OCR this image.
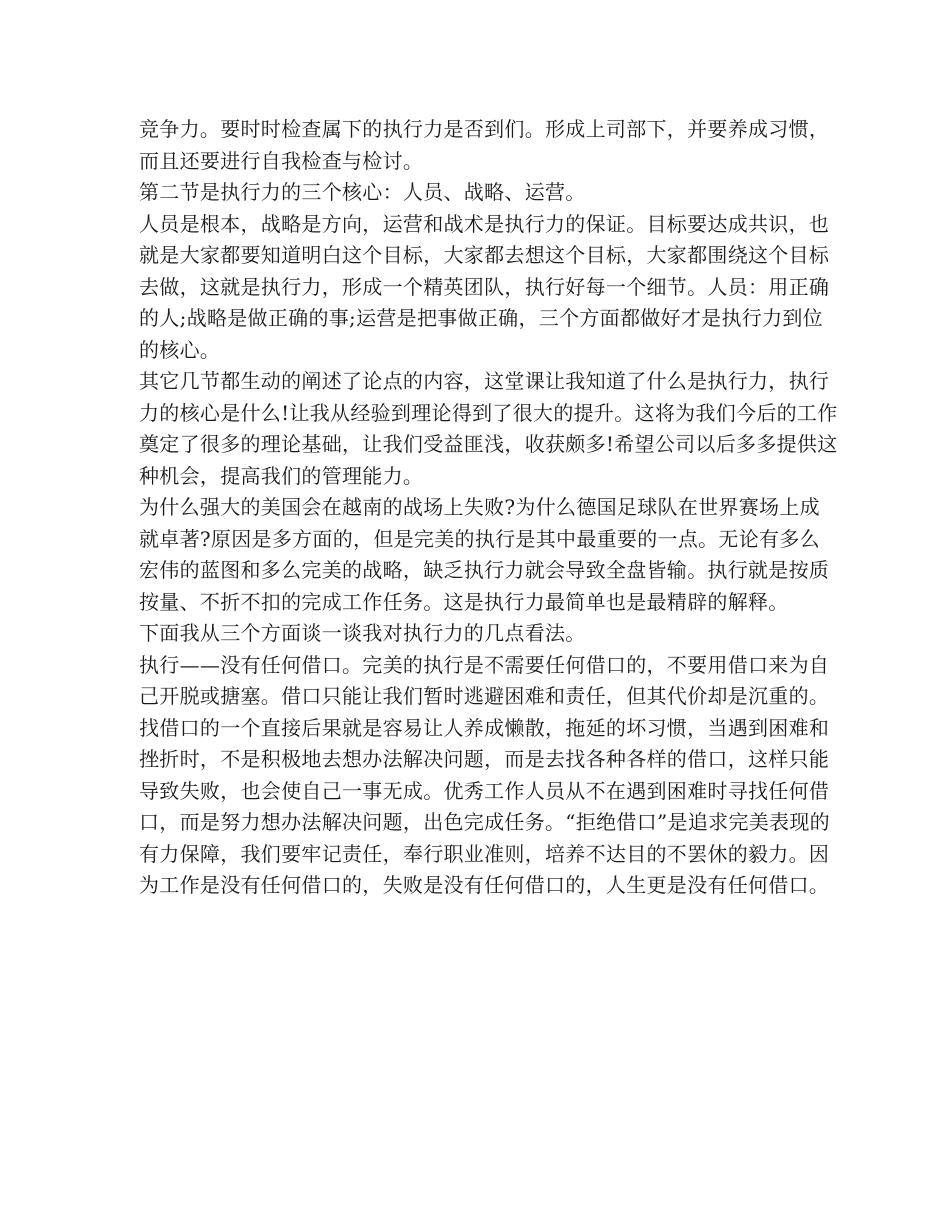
竞争力。要时时检查属下的执行力是否到们。形成上司部下，并要养成习惯，而且还要进行自我检查与检讨。

第二节是执行力的三个核心：人员、战略、运营。

人员是根本，战略是方向，运营和战术是执行力的保证。目标要达成共识，也就是大家都要知道明白这个目标，大家都去想这个目标，大家都围绕这个目标去做，这就是执行力，形成一个精英团队，执行好每一个细节。人员：用正确的人;战略是做正确的事;运营是把事做正确，三个方面都做好才是执行力到位的核心。

其它几节都生动的阐述了论点的内容，这堂课让我知道了什么是执行力，执行力的核心是什么!让我从经验到理论得到了很大的提升。这将为我们今后的工作奠定了很多的理论基础，让我们受益匪浅，收获颇多!希望公司以后多多提供这种机会，提高我们的管理能力。

为什么强大的美国会在越南的战场上失败?为什么德国足球队在世界赛场上成就卓著?原因是多方面的，但是完美的执行是其中最重要的一点。无论有多么宏伟的蓝图和多么完美的战略，缺乏执行力就会导致全盘皆输。执行就是按质按量、不折不扣的完成工作任务。这是执行力最简单也是最精辟的解释。

下面我从三个方面谈一谈我对执行力的几点看法。

执行——没有任何借口。完美的执行是不需要任何借口的，不要用借口来为自己开脱或搪塞。借口只能让我们暂时逃避困难和责任，但其代价却是沉重的。找借口的一个直接后果就是容易让人养成懒散，拖延的坏习惯，当遇到困难和挫折时，不是积极地去想办法解决问题，而是去找各种各样的借口，这样只能导致失败，也会使自己一事无成。优秀工作人员从不在遇到困难时寻找任何借口，而是努力想办法解决问题，出色完成任务。“拒绝借口”是追求完美表现的有力保障，我们要牢记责任，奉行职业准则，培养不达目的不罢休的毅力。因为工作是没有任何借口的，失败是没有任何借口的，人生更是没有任何借口。
